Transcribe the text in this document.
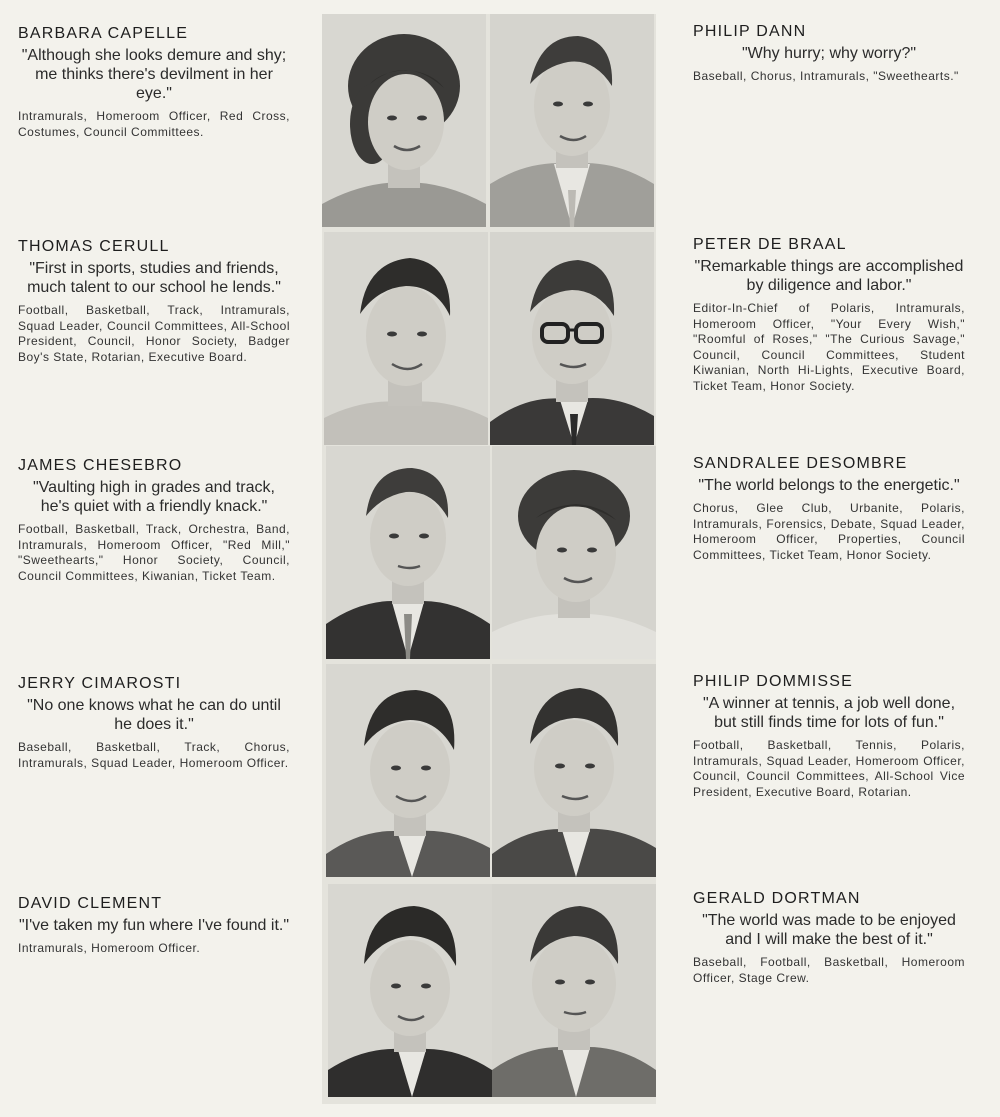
BARBARA CAPELLE

"Although she looks demure and shy; me thinks there's devilment in her eye."

Intramurals, Homeroom Officer, Red Cross, Costumes, Council Committees.

PHILIP DANN

"Why hurry; why worry?"

Baseball, Chorus, Intramurals, "Sweethearts."

THOMAS CERULL

"First in sports, studies and friends, much talent to our school he lends."

Football, Basketball, Track, Intramurals, Squad Leader, Council Committees, All-School President, Council, Honor Society, Badger Boy's State, Rotarian, Executive Board.

PETER DE BRAAL

"Remarkable things are accomplished by diligence and labor."

Editor-In-Chief of Polaris, Intramurals, Homeroom Officer, "Your Every Wish," "Roomful of Roses," "The Curious Savage," Council, Council Committees, Student Kiwanian, North Hi-Lights, Executive Board, Ticket Team, Honor Society.

JAMES CHESEBRO

"Vaulting high in grades and track, he's quiet with a friendly knack."

Football, Basketball, Track, Orchestra, Band, Intramurals, Homeroom Officer, "Red Mill," "Sweethearts," Honor Society, Council, Council Committees, Kiwanian, Ticket Team.

SANDRALEE DESOMBRE

"The world belongs to the energetic."

Chorus, Glee Club, Urbanite, Polaris, Intramurals, Forensics, Debate, Squad Leader, Homeroom Officer, Properties, Council Committees, Ticket Team, Honor Society.

JERRY CIMAROSTI

"No one knows what he can do until he does it."

Baseball, Basketball, Track, Chorus, Intramurals, Squad Leader, Homeroom Officer.

PHILIP DOMMISSE

"A winner at tennis, a job well done, but still finds time for lots of fun."

Football, Basketball, Tennis, Polaris, Intramurals, Squad Leader, Homeroom Officer, Council, Council Committees, All-School Vice President, Executive Board, Rotarian.

DAVID CLEMENT

"I've taken my fun where I've found it."

Intramurals, Homeroom Officer.

GERALD DORTMAN

"The world was made to be enjoyed and I will make the best of it."

Baseball, Football, Basketball, Homeroom Officer, Stage Crew.
